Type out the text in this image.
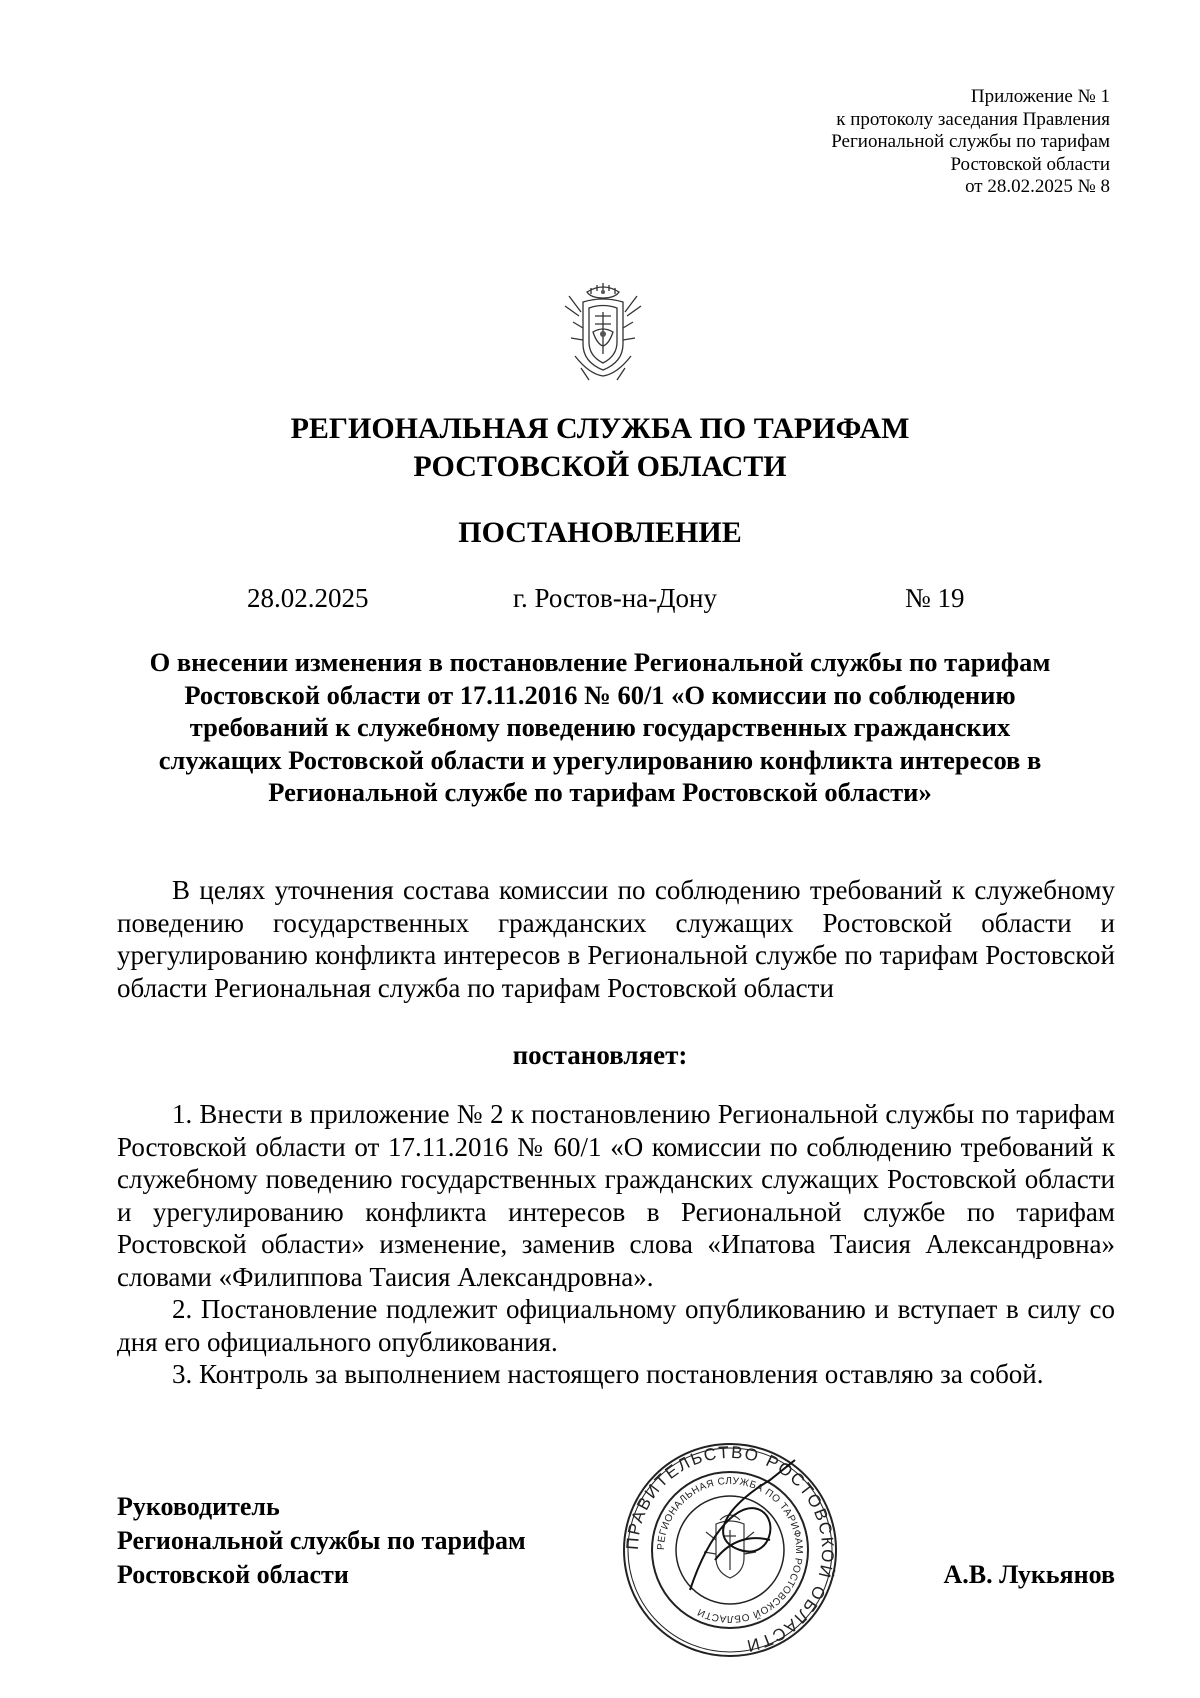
Приложение № 1
к протоколу заседания Правления
Региональной службы по тарифам
Ростовской области
от 28.02.2025 № 8
РЕГИОНАЛЬНАЯ СЛУЖБА ПО ТАРИФАМ
РОСТОВСКОЙ ОБЛАСТИ
ПОСТАНОВЛЕНИЕ
28.02.2025	г. Ростов-на-Дону	№ 19
О внесении изменения в постановление Региональной службы по тарифам
Ростовской области от 17.11.2016 № 60/1 «О комиссии по соблюдению
требований к служебному поведению государственных гражданских
служащих Ростовской области и урегулированию конфликта интересов в
Региональной службе по тарифам Ростовской области»
В целях уточнения состава комиссии по соблюдению требований к служебному поведению государственных гражданских служащих Ростовской области и урегулированию конфликта интересов в Региональной службе по тарифам Ростовской области Региональная служба по тарифам Ростовской области
постановляет:

1. Внести в приложение № 2 к постановлению Региональной службы по тарифам Ростовской области от 17.11.2016 № 60/1 «О комиссии по соблюдению требований к служебному поведению государственных гражданских служащих Ростовской области и урегулированию конфликта интересов в Региональной службе по тарифам Ростовской области» изменение, заменив слова «Ипатова Таисия Александровна» словами «Филиппова Таисия Александровна».

2. Постановление подлежит официальному опубликованию и вступает в силу со дня его официального опубликования.

3. Контроль за выполнением настоящего постановления оставляю за собой.

Руководитель
Региональной службы по тарифам
Ростовской области
ПРАВИТЕЛЬСТВО РОСТОВСКОЙ ОБЛАСТИ
РЕГИОНАЛЬНАЯ СЛУЖБА ПО ТАРИФАМ РОСТОВСКОЙ ОБЛАСТИ
А.В. Лукьянов
